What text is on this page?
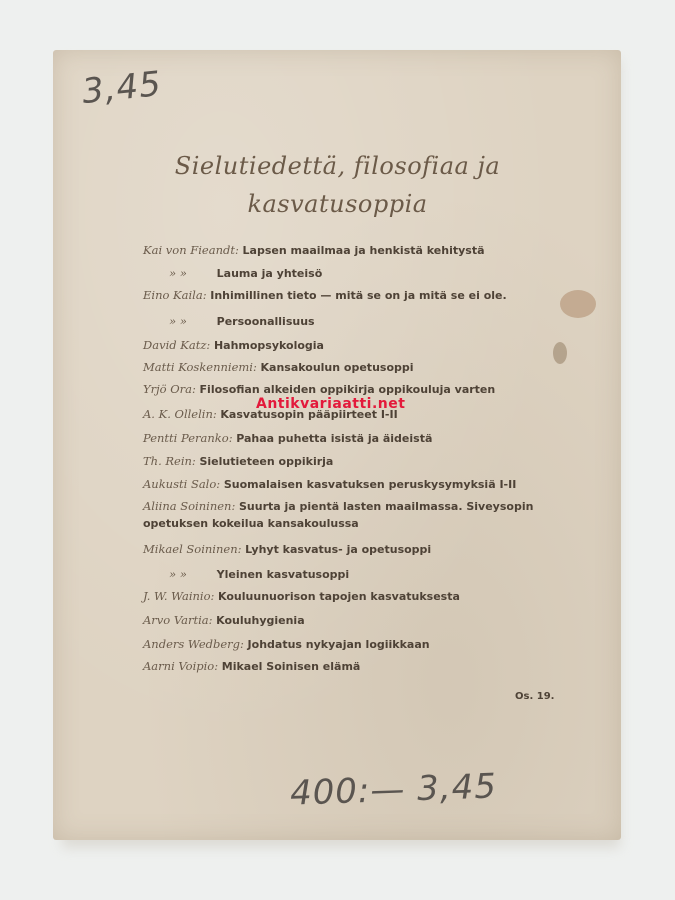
3,45
Sielutiedettä, filosofiaa ja
kasvatusoppia
Kai von Fieandt: Lapsen maailmaa ja henkistä kehitystä
» »	Lauma ja yhteisö
Eino Kaila: Inhimillinen tieto — mitä se on ja mitä se ei ole.
» »	Persoonallisuus
David Katz: Hahmopsykologia
Matti Koskenniemi: Kansakoulun opetusoppi
Yrjö Ora: Filosofian alkeiden oppikirja oppikouluja varten
A. K. Ollelin: Kasvatusopin pääpiirteet I-II
Pentti Peranko: Pahaa puhetta isistä ja äideistä
Th. Rein: Sielutieteen oppikirja
Aukusti Salo: Suomalaisen kasvatuksen peruskysymyksiä I-II
Aliina Soininen: Suurta ja pientä lasten maailmassa. Siveysopin opetuksen kokeilua kansakoulussa
Mikael Soininen: Lyhyt kasvatus- ja opetusoppi
» »	Yleinen kasvatusoppi
J. W. Wainio: Kouluunuorison tapojen kasvatuksesta
Arvo Vartia: Kouluhygienia
Anders Wedberg: Johdatus nykyajan logiikkaan
Aarni Voipio: Mikael Soinisen elämä
Os. 19.
400:— 3,45
Antikvariaatti.net
